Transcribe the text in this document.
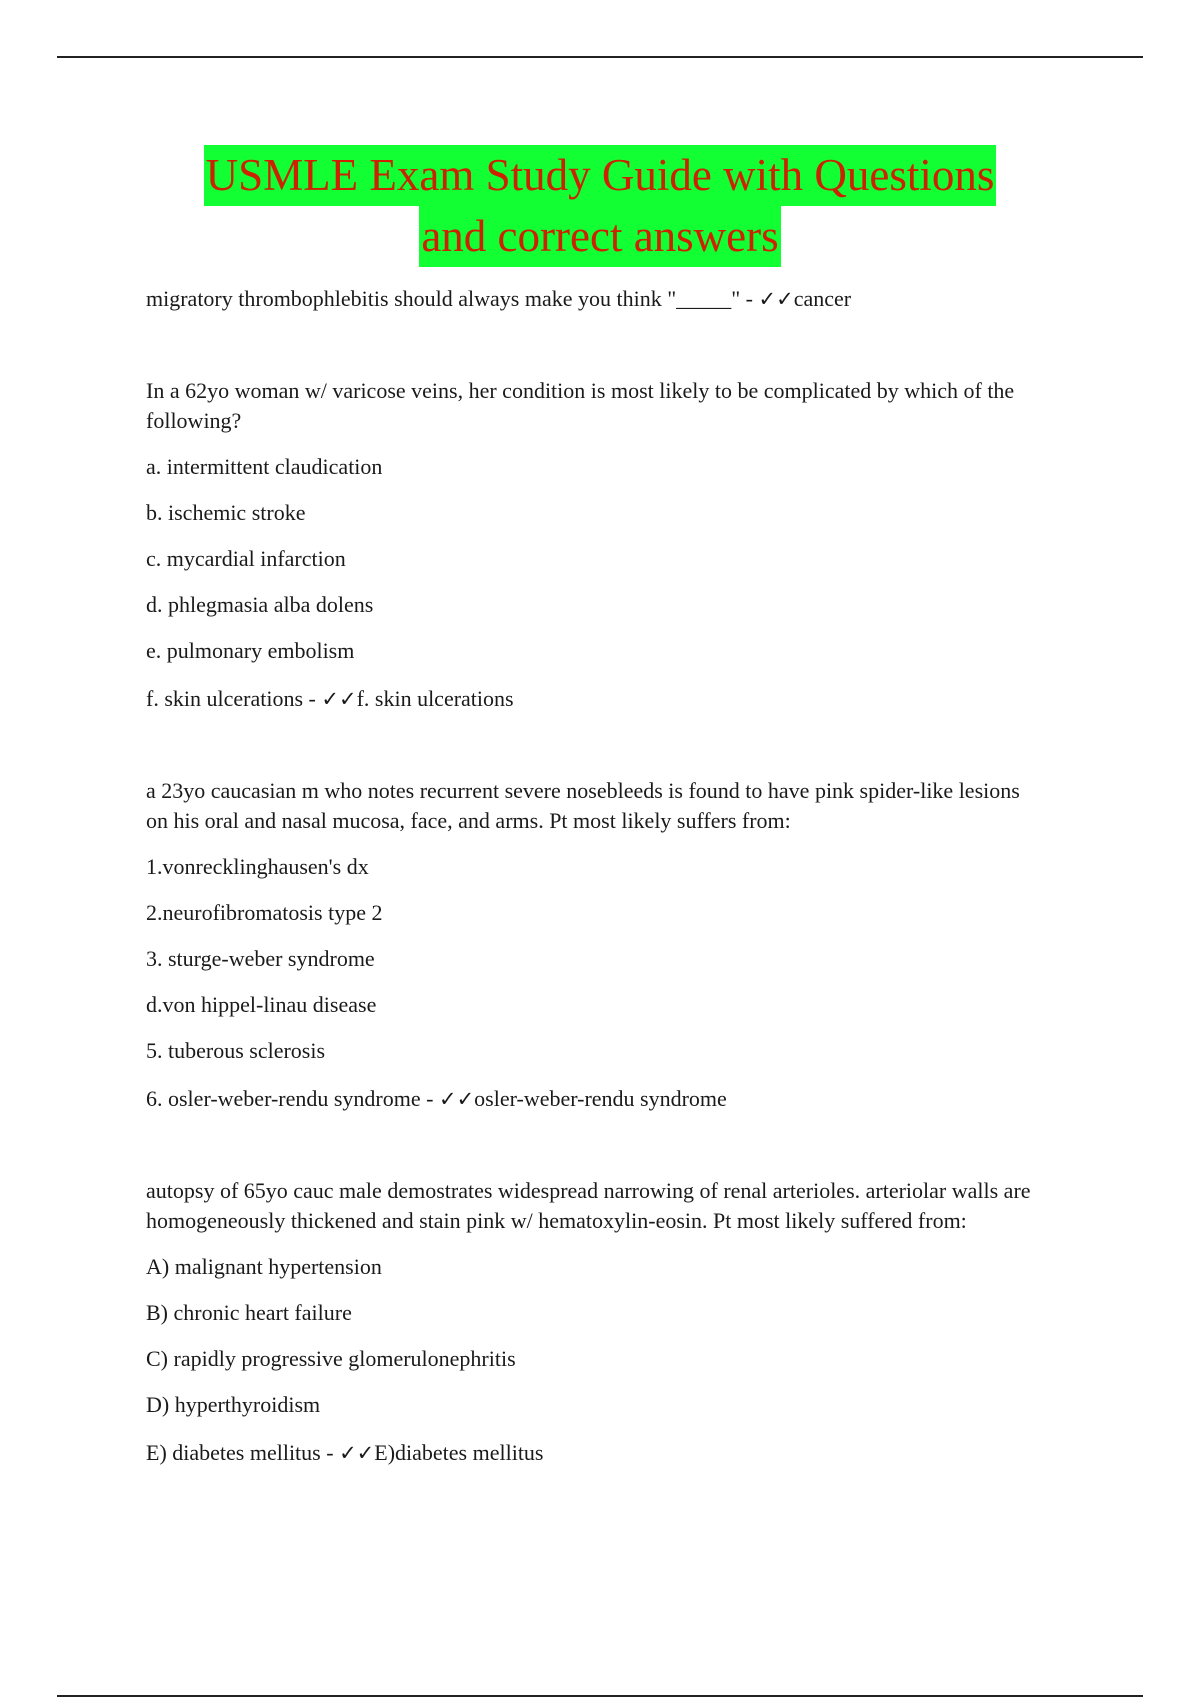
USMLE Exam Study Guide with Questions
and correct answers

migratory thrombophlebitis should always make you think "_____" - ✓✓cancer

In a 62yo woman w/ varicose veins, her condition is most likely to be complicated by which of the following?

a. intermittent claudication

b. ischemic stroke

c. mycardial infarction

d. phlegmasia alba dolens

e. pulmonary embolism

f. skin ulcerations - ✓✓f. skin ulcerations

a 23yo caucasian m who notes recurrent severe nosebleeds is found to have pink spider-like lesions on his oral and nasal mucosa, face, and arms. Pt most likely suffers from:

1.vonrecklinghausen's dx

2.neurofibromatosis type 2

3. sturge-weber syndrome

d.von hippel-linau disease

5. tuberous sclerosis

6. osler-weber-rendu syndrome - ✓✓osler-weber-rendu syndrome

autopsy of 65yo cauc male demostrates widespread narrowing of renal arterioles. arteriolar walls are homogeneously thickened and stain pink w/ hematoxylin-eosin. Pt most likely suffered from:

A) malignant hypertension

B) chronic heart failure

C) rapidly progressive glomerulonephritis

D) hyperthyroidism

E) diabetes mellitus - ✓✓E)diabetes mellitus
